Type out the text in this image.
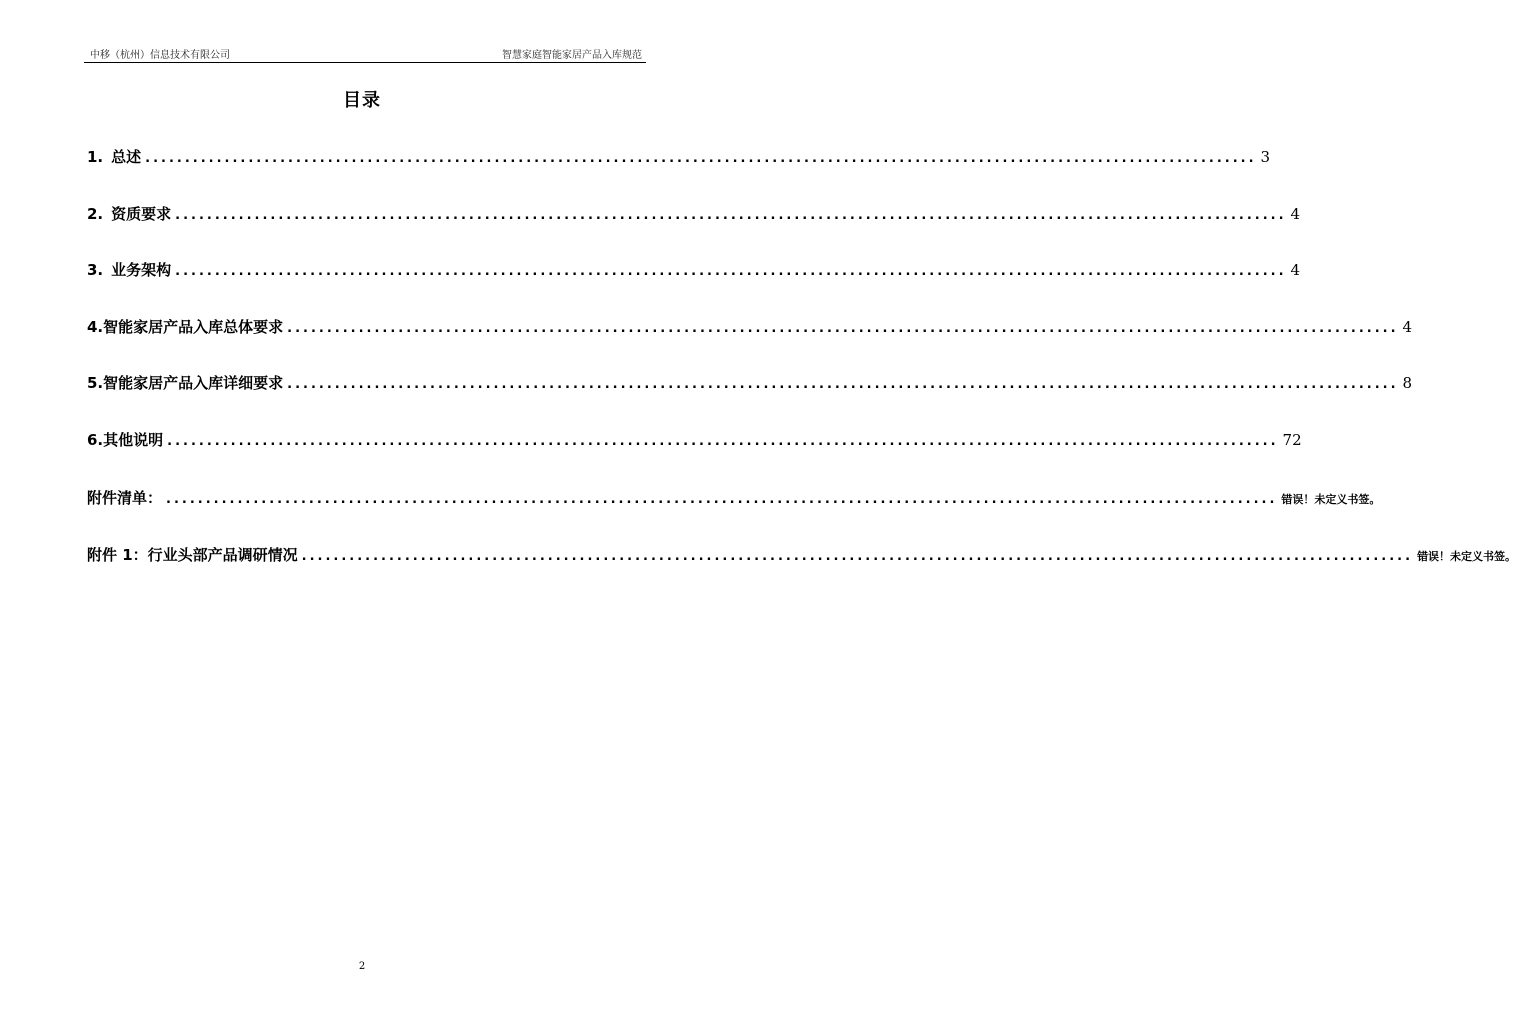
中移（杭州）信息技术有限公司	智慧家庭智能家居产品入库规范
目录
1. 总述 ............................................................................................................................................ 3
2. 资质要求 ............................................................................................................................................ 4
3. 业务架构 ............................................................................................................................................ 4
4. 智能家居产品入库总体要求 ............................................................................................................................................ 4
5. 智能家居产品入库详细要求 ............................................................................................................................................ 8
6. 其他说明 ............................................................................................................................................ 72
附件清单： ............................................................................................................................................ 错误！未定义书签。
附件 1：行业头部产品调研情况 ............................................................................................................................................ 错误！未定义书签。
2
